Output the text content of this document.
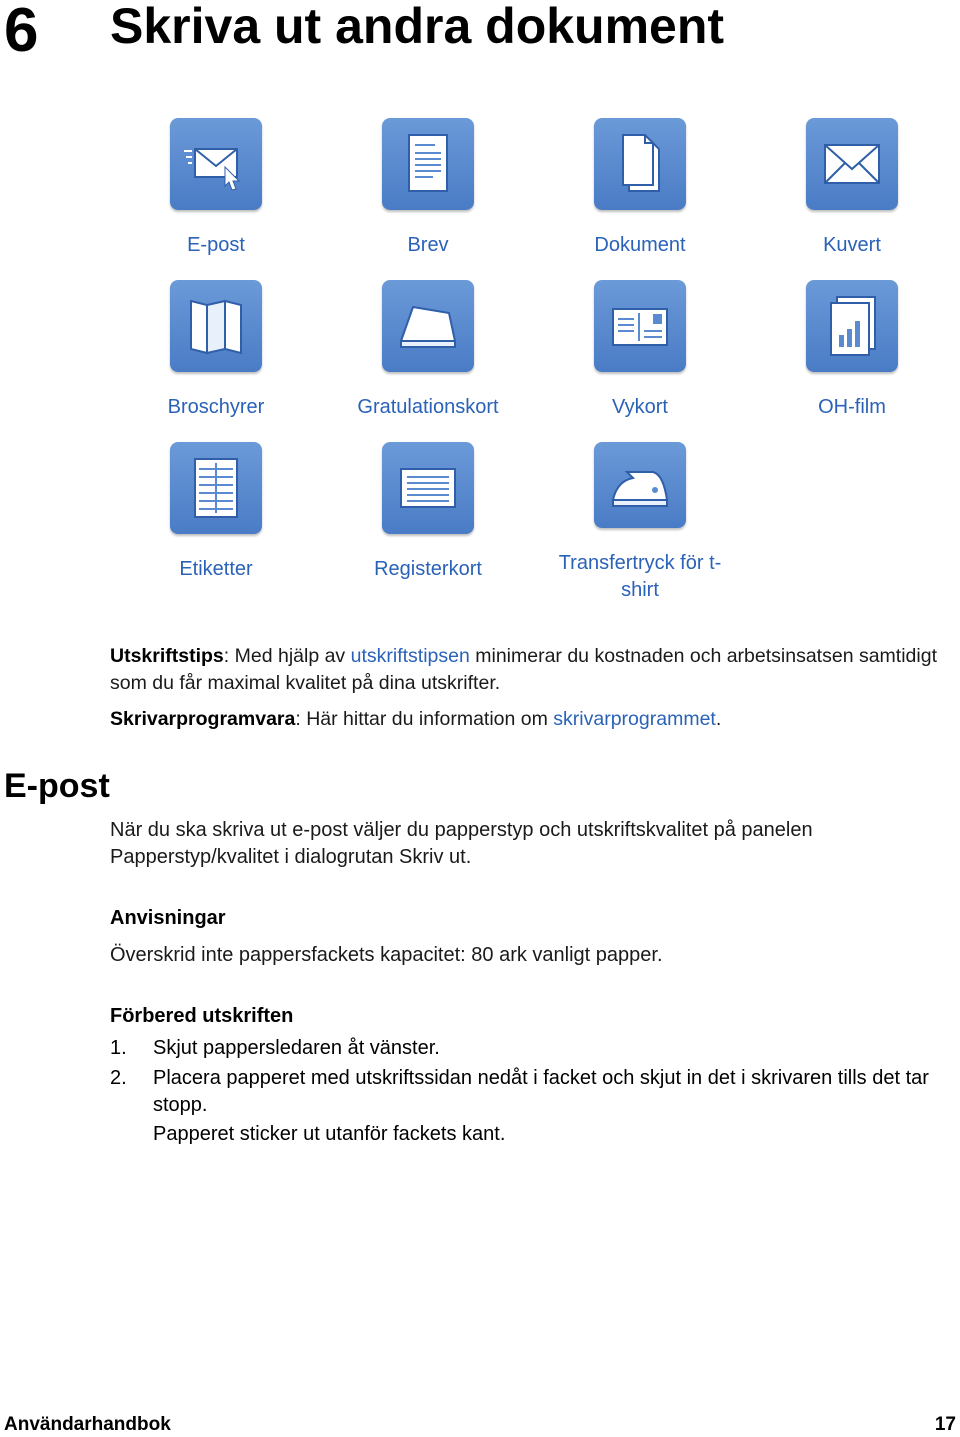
6 Skriva ut andra dokument
E-post	Brev	Dokument	Kuvert
Broschyrer	Gratulationskort	Vykort	OH-film
Etiketter	Registerkort	Transfertryck för t-shirt
Utskriftstips: Med hjälp av utskriftstipsen minimerar du kostnaden och arbetsinsatsen samtidigt som du får maximal kvalitet på dina utskrifter.
Skrivarprogramvara: Här hittar du information om skrivarprogrammet.
E-post
När du ska skriva ut e-post väljer du papperstyp och utskriftskvalitet på panelen Papperstyp/kvalitet i dialogrutan Skriv ut.
Anvisningar
Överskrid inte pappersfackets kapacitet: 80 ark vanligt papper.
Förbered utskriften
1.	Skjut pappersledaren åt vänster.
2.	Placera papperet med utskriftssidan nedåt i facket och skjut in det i skrivaren tills det tar stopp.
Papperet sticker ut utanför fackets kant.
Användarhandbok	17
